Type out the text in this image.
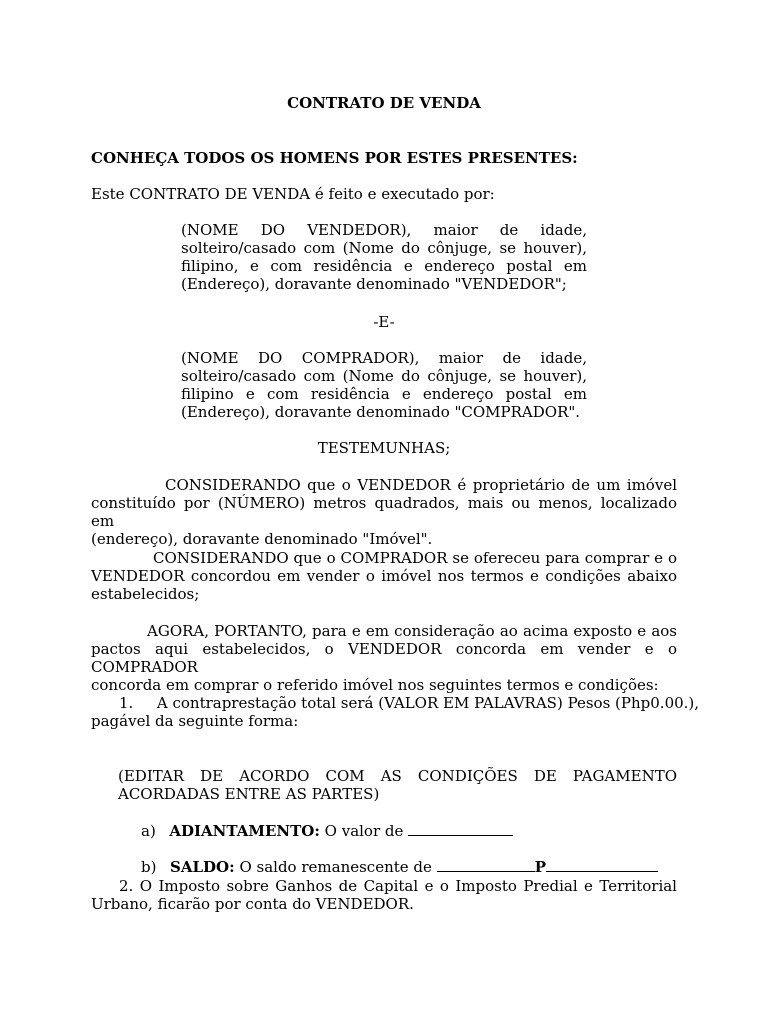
CONTRATO DE VENDA

CONHEÇA TODOS OS HOMENS POR ESTES PRESENTES:

Este CONTRATO DE VENDA é feito e executado por:

(NOME DO VENDEDOR), maior de idade,
solteiro/casado com (Nome do cônjuge, se houver),
filipino, e com residência e endereço postal em
(Endereço), doravante denominado "VENDEDOR";

-E-

(NOME DO COMPRADOR), maior de idade,
solteiro/casado com (Nome do cônjuge, se houver),
filipino e com residência e endereço postal em
(Endereço), doravante denominado "COMPRADOR".

TESTEMUNHAS;

CONSIDERANDO que o VENDEDOR é proprietário de um imóvel
constituído por (NÚMERO) metros quadrados, mais ou menos, localizado em
(endereço), doravante denominado "Imóvel".
CONSIDERANDO que o COMPRADOR se ofereceu para comprar e o
VENDEDOR concordou em vender o imóvel nos termos e condições abaixo
estabelecidos;
AGORA, PORTANTO, para e em consideração ao acima exposto e aos
pactos aqui estabelecidos, o VENDEDOR concorda em vender e o COMPRADOR
concorda em comprar o referido imóvel nos seguintes termos e condições:
1. A contraprestação total será (VALOR EM PALAVRAS) Pesos (Php0.00.),
pagável da seguinte forma:
(EDITAR DE ACORDO COM AS CONDIÇÕES DE PAGAMENTO
ACORDADAS ENTRE AS PARTES)
a) ADIANTAMENTO: O valor de
b) SALDO: O saldo remanescente de	P
2. O Imposto sobre Ganhos de Capital e o Imposto Predial e Territorial
Urbano, ficarão por conta do VENDEDOR.
